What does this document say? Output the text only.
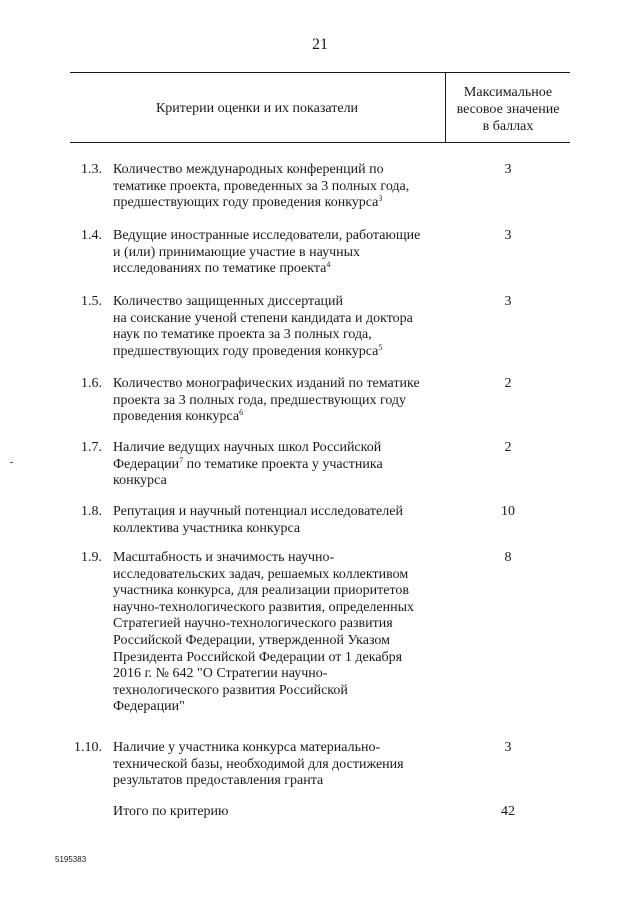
21
Критерии оценки и их показатели
Максимальное
весовое значение
в баллах
1.3. Количество международных конференций по
тематике проекта, проведенных за 3 полных года,
предшествующих году проведения конкурса$^3$
3
1.4. Ведущие иностранные исследователи, работающие
и (или) принимающие участие в научных
исследованиях по тематике проекта$^4$
3
1.5. Количество защищенных диссертаций
на соискание ученой степени кандидата и доктора
наук по тематике проекта за 3 полных года,
предшествующих году проведения конкурса$^5$
3
1.6. Количество монографических изданий по тематике
проекта за 3 полных года, предшествующих году
проведения конкурса$^6$
2
1.7. Наличие ведущих научных школ Российской
Федерации$^7$ по тематике проекта у участника
конкурса
2
1.8. Репутация и научный потенциал исследователей
коллектива участника конкурса
10
1.9. Масштабность и значимость научно-
исследовательских задач, решаемых коллективом
участника конкурса, для реализации приоритетов
научно-технологического развития, определенных
Стратегией научно-технологического развития
Российской Федерации, утвержденной Указом
Президента Российской Федерации от 1 декабря
2016 г. № 642 "О Стратегии научно-
технологического развития Российской
Федерации"
8
1.10. Наличие у участника конкурса материально-
технической базы, необходимой для достижения
результатов предоставления гранта
3
Итого по критерию	42
5195383
